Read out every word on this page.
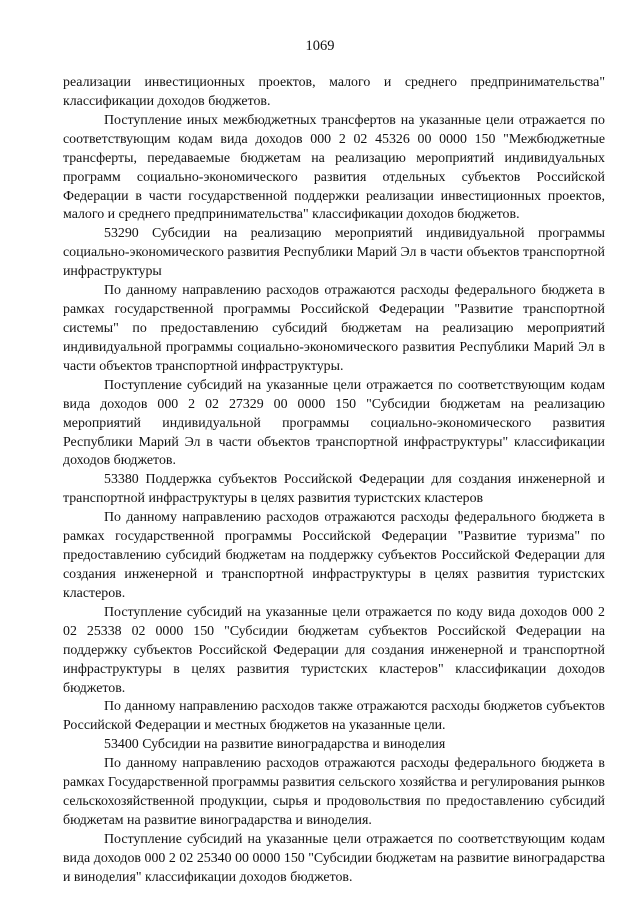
1069

реализации инвестиционных проектов, малого и среднего предпринимательства" классификации доходов бюджетов.

Поступление иных межбюджетных трансфертов на указанные цели отражается по соответствующим кодам вида доходов 000 2 02 45326 00 0000 150 "Межбюджетные трансферты, передаваемые бюджетам на реализацию мероприятий индивидуальных программ социально-экономического развития отдельных субъектов Российской Федерации в части государственной поддержки реализации инвестиционных проектов, малого и среднего предпринимательства" классификации доходов бюджетов.

53290 Субсидии на реализацию мероприятий индивидуальной программы социально-экономического развития Республики Марий Эл в части объектов транспортной инфраструктуры

По данному направлению расходов отражаются расходы федерального бюджета в рамках государственной программы Российской Федерации "Развитие транспортной системы" по предоставлению субсидий бюджетам на реализацию мероприятий индивидуальной программы социально-экономического развития Республики Марий Эл в части объектов транспортной инфраструктуры.

Поступление субсидий на указанные цели отражается по соответствующим кодам вида доходов 000 2 02 27329 00 0000 150 "Субсидии бюджетам на реализацию мероприятий индивидуальной программы социально-экономического развития Республики Марий Эл в части объектов транспортной инфраструктуры" классификации доходов бюджетов.

53380 Поддержка субъектов Российской Федерации для создания инженерной и транспортной инфраструктуры в целях развития туристских кластеров

По данному направлению расходов отражаются расходы федерального бюджета в рамках государственной программы Российской Федерации "Развитие туризма" по предоставлению субсидий бюджетам на поддержку субъектов Российской Федерации для создания инженерной и транспортной инфраструктуры в целях развития туристских кластеров.

Поступление субсидий на указанные цели отражается по коду вида доходов 000 2 02 25338 02 0000 150 "Субсидии бюджетам субъектов Российской Федерации на поддержку субъектов Российской Федерации для создания инженерной и транспортной инфраструктуры в целях развития туристских кластеров" классификации доходов бюджетов.

По данному направлению расходов также отражаются расходы бюджетов субъектов Российской Федерации и местных бюджетов на указанные цели.

53400 Субсидии на развитие виноградарства и виноделия

По данному направлению расходов отражаются расходы федерального бюджета в рамках Государственной программы развития сельского хозяйства и регулирования рынков сельскохозяйственной продукции, сырья и продовольствия по предоставлению субсидий бюджетам на развитие виноградарства и виноделия.

Поступление субсидий на указанные цели отражается по соответствующим кодам вида доходов 000 2 02 25340 00 0000 150 "Субсидии бюджетам на развитие виноградарства и виноделия" классификации доходов бюджетов.
